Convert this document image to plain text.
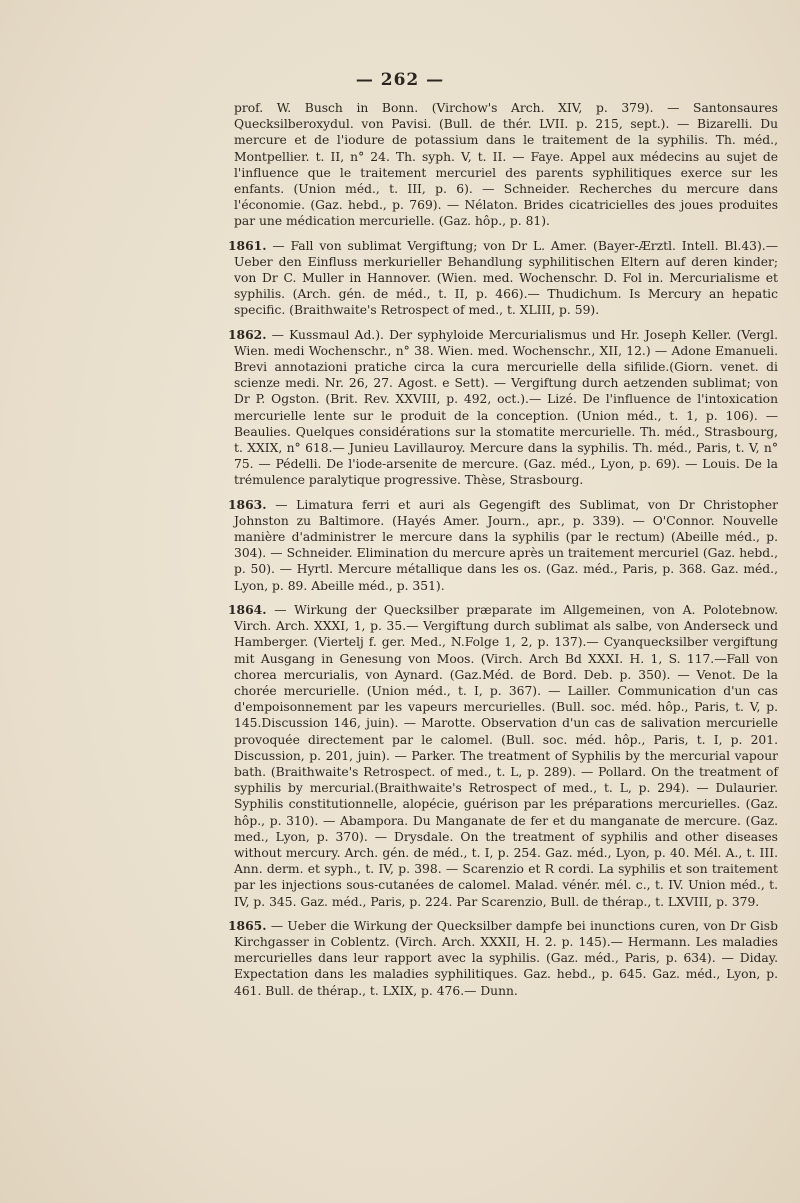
— 262 —

prof. W. Busch in Bonn. (Virchow's Arch. XIV, p. 379). — Santonsaures Quecksilberoxydul. von Pavisi. (Bull. de thér. LVII. p. 215, sept.). — Bizarelli. Du mercure et de l'iodure de potassium dans le traitement de la syphilis. Th. méd., Montpellier. t. II, n° 24. Th. syph. V, t. II. — Faye. Appel aux médecins au sujet de l'influence que le traitement mercuriel des parents syphilitiques exerce sur les enfants. (Union méd., t. III, p. 6). — Schneider. Recherches du mercure dans l'économie. (Gaz. hebd., p. 769). — Nélaton. Brides cicatricielles des joues produites par une médication mercurielle. (Gaz. hôp., p. 81).

1861. — Fall von sublimat Vergiftung; von Dr L. Amer. (Bayer-Ærztl. Intell. Bl.43).—Ueber den Einfluss merkurieller Behandlung syphilitischen Eltern auf deren kinder; von Dr C. Muller in Hannover. (Wien. med. Wochenschr. D. Fol in. Mercurialisme et syphilis. (Arch. gén. de méd., t. II, p. 466).— Thudichum. Is Mercury an hepatic specific. (Braithwaite's Retrospect of med., t. XLIII, p. 59).

1862. — Kussmaul Ad.). Der syphyloide Mercurialismus und Hr. Joseph Keller. (Vergl. Wien. medi Wochenschr., n° 38. Wien. med. Wochenschr., XII, 12.) — Adone Emanueli. Brevi annotazioni pratiche circa la cura mercurielle della sifilide.(Giorn. venet. di scienze medi. Nr. 26, 27. Agost. e Sett). — Vergiftung durch aetzenden sublimat; von Dr P. Ogston. (Brit. Rev. XXVIII, p. 492, oct.).— Lizé. De l'influence de l'intoxication mercurielle lente sur le produit de la conception. (Union méd., t. 1, p. 106). — Beaulies. Quelques considérations sur la stomatite mercurielle. Th. méd., Strasbourg, t. XXIX, n° 618.— Junieu Lavillauroy. Mercure dans la syphilis. Th. méd., Paris, t. V, n° 75. — Pédelli. De l'iode-arsenite de mercure. (Gaz. méd., Lyon, p. 69). — Louis. De la trémulence paralytique progressive. Thèse, Strasbourg.

1863. — Limatura ferri et auri als Gegengift des Sublimat, von Dr Christopher Johnston zu Baltimore. (Hayés Amer. Journ., apr., p. 339). — O'Connor. Nouvelle manière d'administrer le mercure dans la syphilis (par le rectum) (Abeille méd., p. 304). — Schneider. Elimination du mercure après un traitement mercuriel (Gaz. hebd., p. 50). — Hyrtl. Mercure métallique dans les os. (Gaz. méd., Paris, p. 368. Gaz. méd., Lyon, p. 89. Abeille méd., p. 351).

1864. — Wirkung der Quecksilber præparate im Allgemeinen, von A. Polotebnow. Virch. Arch. XXXI, 1, p. 35.— Vergiftung durch sublimat als salbe, von Anderseck und Hamberger. (Viertelj f. ger. Med., N.Folge 1, 2, p. 137).— Cyanquecksilber vergiftung mit Ausgang in Genesung von Moos. (Virch. Arch Bd XXXI. H. 1, S. 117.—Fall von chorea mercurialis, von Aynard. (Gaz.Méd. de Bord. Deb. p. 350). — Venot. De la chorée mercurielle. (Union méd., t. I, p. 367). — Lailler. Communication d'un cas d'empoisonnement par les vapeurs mercurielles. (Bull. soc. méd. hôp., Paris, t. V, p. 145.Discussion 146, juin). — Marotte. Observation d'un cas de salivation mercurielle provoquée directement par le calomel. (Bull. soc. méd. hôp., Paris, t. I, p. 201. Discussion, p. 201, juin). — Parker. The treatment of Syphilis by the mercurial vapour bath. (Braithwaite's Retrospect. of med., t. L, p. 289). — Pollard. On the treatment of syphilis by mercurial.(Braithwaite's Retrospect of med., t. L, p. 294). — Dulaurier. Syphilis constitutionnelle, alopécie, guérison par les préparations mercurielles. (Gaz. hôp., p. 310). — Abampora. Du Manganate de fer et du manganate de mercure. (Gaz. med., Lyon, p. 370). — Drysdale. On the treatment of syphilis and other diseases without mercury. Arch. gén. de méd., t. I, p. 254. Gaz. méd., Lyon, p. 40. Mél. A., t. III. Ann. derm. et syph., t. IV, p. 398. — Scarenzio et R cordi. La syphilis et son traitement par les injections sous-cutanées de calomel. Malad. vénér. mél. c., t. IV. Union méd., t. IV, p. 345. Gaz. méd., Paris, p. 224. Par Scarenzio, Bull. de thérap., t. LXVIII, p. 379.

1865. — Ueber die Wirkung der Quecksilber dampfe bei inunctions curen, von Dr Gisb Kirchgasser in Coblentz. (Virch. Arch. XXXII, H. 2. p. 145).— Hermann. Les maladies mercurielles dans leur rapport avec la syphilis. (Gaz. méd., Paris, p. 634). — Diday. Expectation dans les maladies syphilitiques. Gaz. hebd., p. 645. Gaz. méd., Lyon, p. 461. Bull. de thérap., t. LXIX, p. 476.— Dunn.
